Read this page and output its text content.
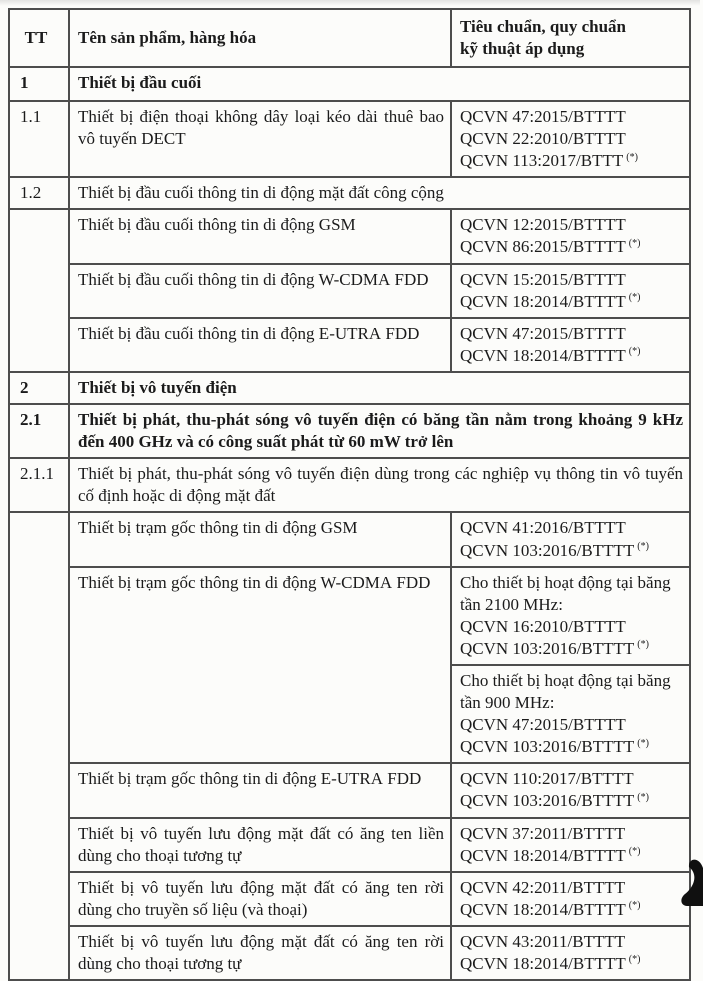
TT	Tên sản phẩm, hàng hóa	Tiêu chuẩn, quy chuẩn
kỹ thuật áp dụng

1	Thiết bị đầu cuối	
1.1	Thiết bị điện thoại không dây loại kéo dài thuê bao vô tuyến DECT	QCVN 47:2015/BTTTT
QCVN 22:2010/BTTTT
QCVN 113:2017/BTTT (*)

1.2	Thiết bị đầu cuối thông tin di động mặt đất công cộng	
	Thiết bị đầu cuối thông tin di động GSM	QCVN 12:2015/BTTTT
QCVN 86:2015/BTTTT (*)

	Thiết bị đầu cuối thông tin di động W-CDMA FDD	QCVN 15:2015/BTTTT
QCVN 18:2014/BTTTT (*)

	Thiết bị đầu cuối thông tin di động E-UTRA FDD	QCVN 47:2015/BTTTT
QCVN 18:2014/BTTTT (*)

2	Thiết bị vô tuyến điện	
2.1	Thiết bị phát, thu-phát sóng vô tuyến điện có băng tần nằm trong khoảng 9 kHz đến 400 GHz và có công suất phát từ 60 mW trở lên	
2.1.1	Thiết bị phát, thu-phát sóng vô tuyến điện dùng trong các nghiệp vụ thông tin vô tuyến cố định hoặc di động mặt đất	
	Thiết bị trạm gốc thông tin di động GSM	QCVN 41:2016/BTTTT
QCVN 103:2016/BTTTT (*)

	Thiết bị trạm gốc thông tin di động W-CDMA FDD	Cho thiết bị hoạt động tại băng tần 2100 MHz:
QCVN 16:2010/BTTTT
QCVN 103:2016/BTTTT (*)

		Cho thiết bị hoạt động tại băng tần 900 MHz:
QCVN 47:2015/BTTTT
QCVN 103:2016/BTTTT (*)

	Thiết bị trạm gốc thông tin di động E-UTRA FDD	QCVN 110:2017/BTTTT
QCVN 103:2016/BTTTT (*)

	Thiết bị vô tuyến lưu động mặt đất có ăng ten liền dùng cho thoại tương tự	QCVN 37:2011/BTTTT
QCVN 18:2014/BTTTT (*)

	Thiết bị vô tuyến lưu động mặt đất có ăng ten rời dùng cho truyền số liệu (và thoại)	QCVN 42:2011/BTTTT
QCVN 18:2014/BTTTT (*)

	Thiết bị vô tuyến lưu động mặt đất có ăng ten rời dùng cho thoại tương tự	QCVN 43:2011/BTTTT
QCVN 18:2014/BTTTT (*)
